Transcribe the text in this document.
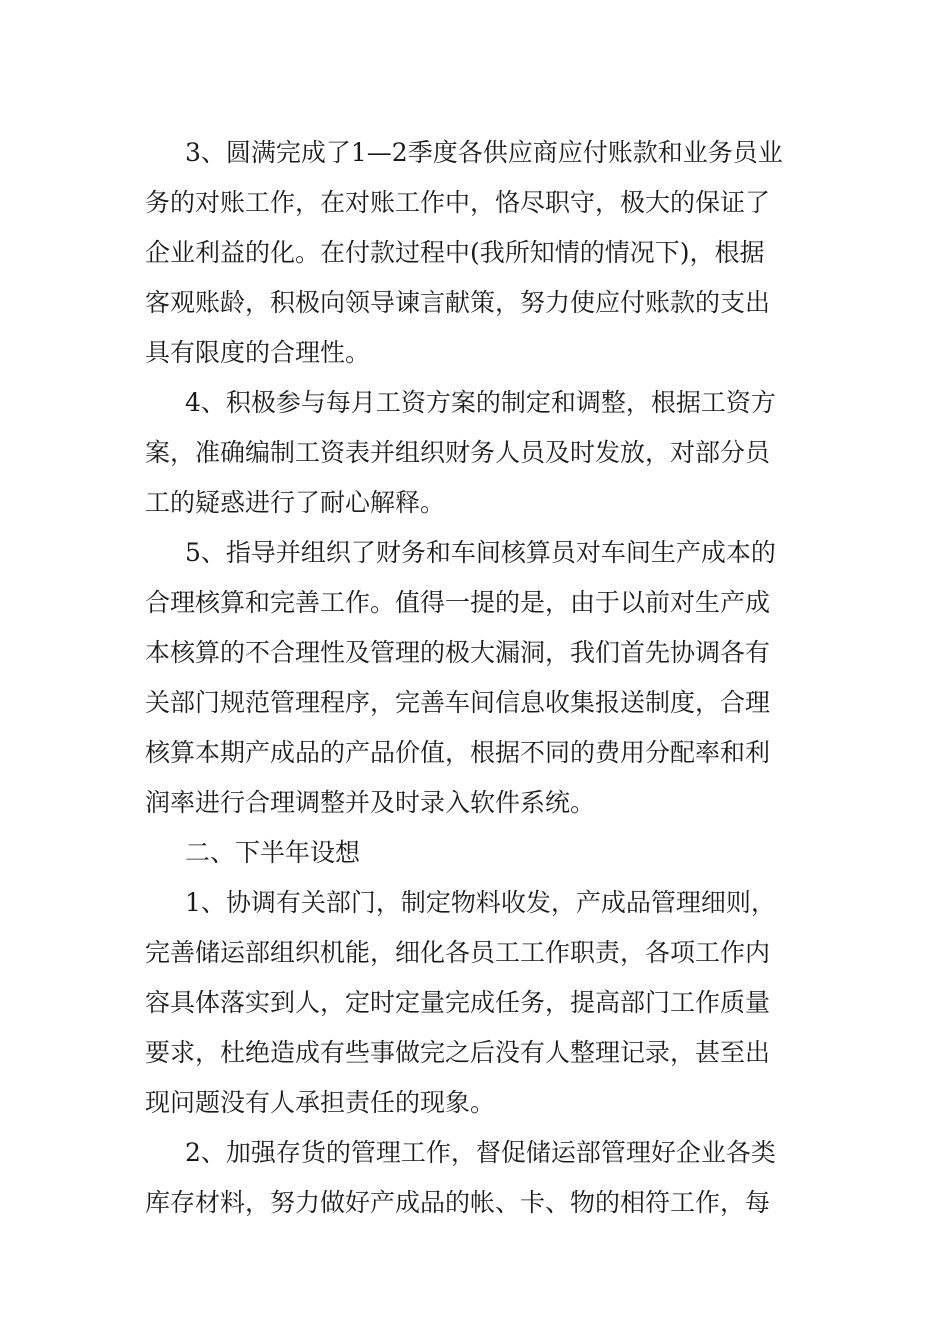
3、圆满完成了1—2季度各供应商应付账款和业务员业
务的对账工作，在对账工作中，恪尽职守，极大的保证了
企业利益的化。在付款过程中(我所知情的情况下)，根据
客观账龄，积极向领导谏言献策，努力使应付账款的支出
具有限度的合理性。
4、积极参与每月工资方案的制定和调整，根据工资方
案，准确编制工资表并组织财务人员及时发放，对部分员
工的疑惑进行了耐心解释。
5、指导并组织了财务和车间核算员对车间生产成本的
合理核算和完善工作。值得一提的是，由于以前对生产成
本核算的不合理性及管理的极大漏洞，我们首先协调各有
关部门规范管理程序，完善车间信息收集报送制度，合理
核算本期产成品的产品价值，根据不同的费用分配率和利
润率进行合理调整并及时录入软件系统。
二、下半年设想
1、协调有关部门，制定物料收发，产成品管理细则，
完善储运部组织机能，细化各员工工作职责，各项工作内
容具体落实到人，定时定量完成任务，提高部门工作质量
要求，杜绝造成有些事做完之后没有人整理记录，甚至出
现问题没有人承担责任的现象。
2、加强存货的管理工作，督促储运部管理好企业各类
库存材料，努力做好产成品的帐、卡、物的相符工作，每
